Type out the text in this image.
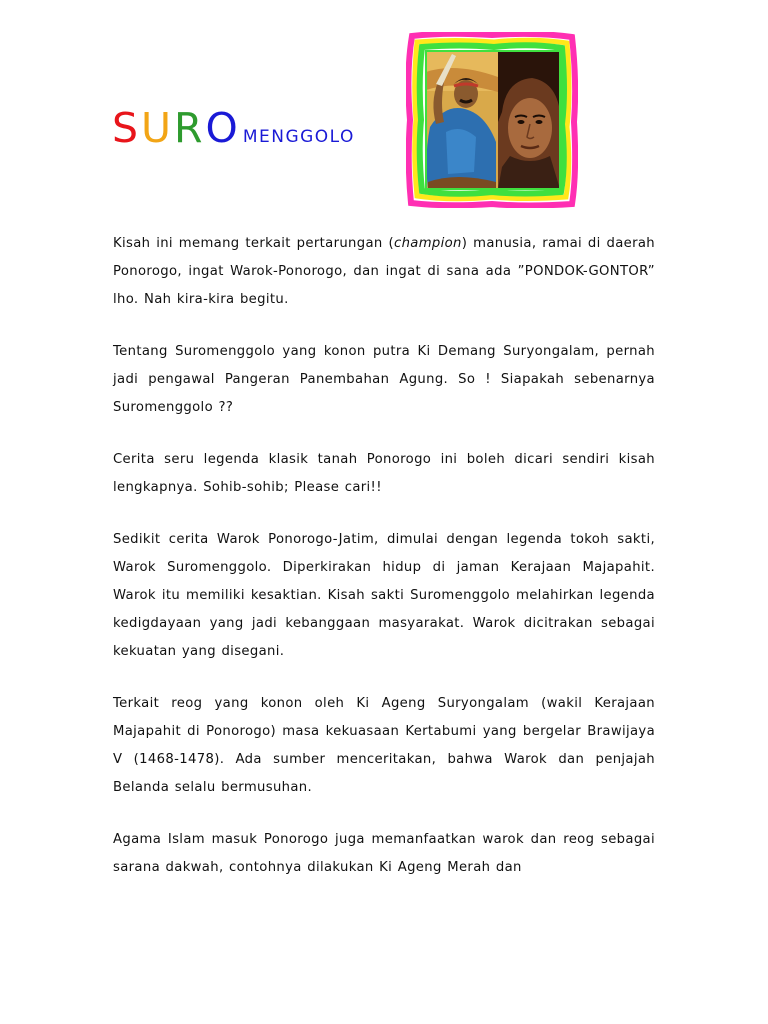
S U R O MENGGOLO

Kisah ini memang terkait pertarungan (champion) manusia, ramai di daerah Ponorogo, ingat Warok-Ponorogo, dan ingat di sana ada ”PONDOK-GONTOR” lho. Nah kira-kira begitu.

Tentang Suromenggolo yang konon putra Ki Demang Suryongalam, pernah jadi pengawal Pangeran Panembahan Agung. So ! Siapakah sebenarnya Suromenggolo ??

Cerita seru legenda klasik tanah Ponorogo ini boleh dicari sendiri kisah lengkapnya. Sohib-sohib; Please cari!!

Sedikit cerita Warok Ponorogo-Jatim, dimulai dengan legenda tokoh sakti, Warok Suromenggolo. Diperkirakan hidup di jaman Kerajaan Majapahit. Warok itu memiliki kesaktian. Kisah sakti Suromenggolo melahirkan legenda kedigdayaan yang jadi kebanggaan masyarakat. Warok dicitrakan sebagai kekuatan yang disegani.

Terkait reog yang konon oleh Ki Ageng Suryongalam (wakil Kerajaan Majapahit di Ponorogo) masa kekuasaan Kertabumi yang bergelar Brawijaya V (1468-1478). Ada sumber menceritakan, bahwa Warok dan penjajah Belanda selalu bermusuhan.

Agama Islam masuk Ponorogo juga memanfaatkan warok dan reog sebagai sarana dakwah, contohnya dilakukan Ki Ageng Merah dan
